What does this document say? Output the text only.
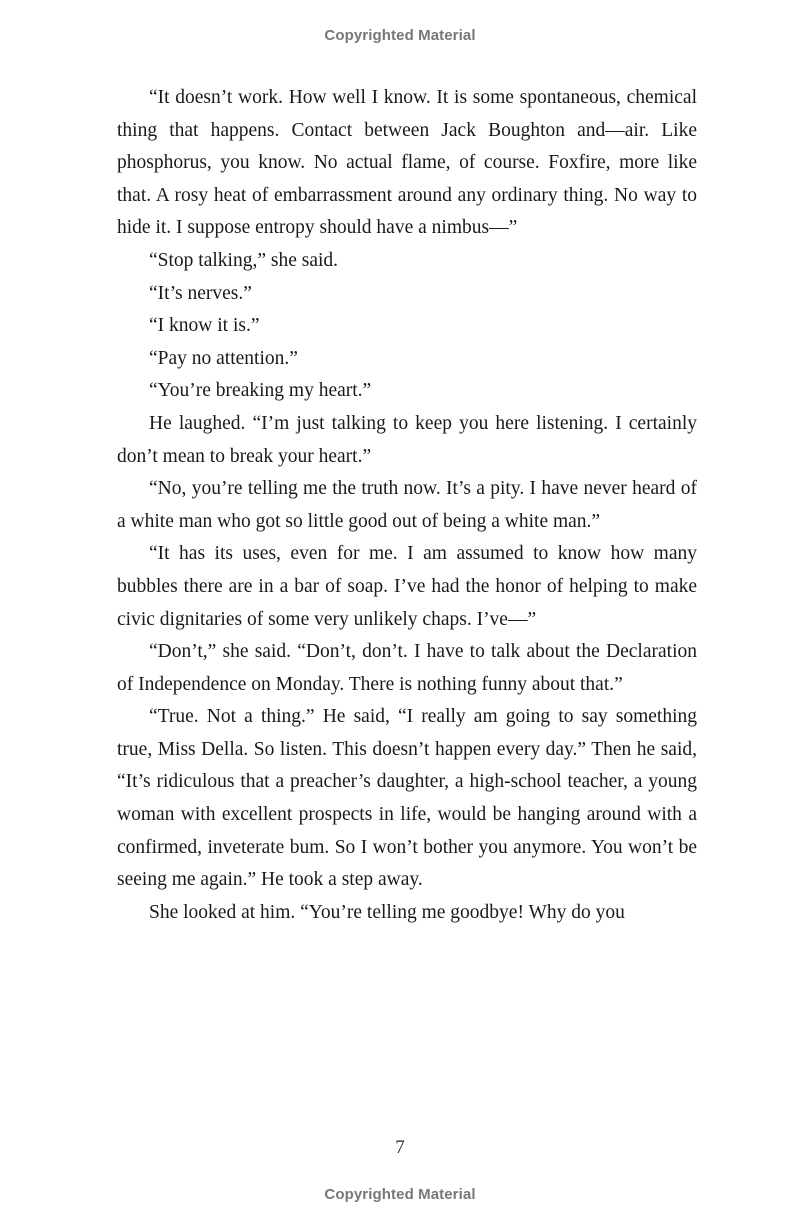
Copyrighted Material

“It doesn’t work. How well I know. It is some spontaneous, chemical thing that happens. Contact between Jack Boughton and—air. Like phosphorus, you know. No actual flame, of course. Foxfire, more like that. A rosy heat of embarrassment around any ordinary thing. No way to hide it. I suppose entropy should have a nimbus—”

“Stop talking,” she said.

“It’s nerves.”

“I know it is.”

“Pay no attention.”

“You’re breaking my heart.”

He laughed. “I’m just talking to keep you here listening. I certainly don’t mean to break your heart.”

“No, you’re telling me the truth now. It’s a pity. I have never heard of a white man who got so little good out of being a white man.”

“It has its uses, even for me. I am assumed to know how many bubbles there are in a bar of soap. I’ve had the honor of helping to make civic dignitaries of some very unlikely chaps. I’ve—”

“Don’t,” she said. “Don’t, don’t. I have to talk about the Declaration of Independence on Monday. There is nothing funny about that.”

“True. Not a thing.” He said, “I really am going to say something true, Miss Della. So listen. This doesn’t happen every day.” Then he said, “It’s ridiculous that a preacher’s daughter, a high-school teacher, a young woman with excellent prospects in life, would be hanging around with a confirmed, inveterate bum. So I won’t bother you anymore. You won’t be seeing me again.” He took a step away.

She looked at him. “You’re telling me goodbye! Why do you

7
Copyrighted Material
